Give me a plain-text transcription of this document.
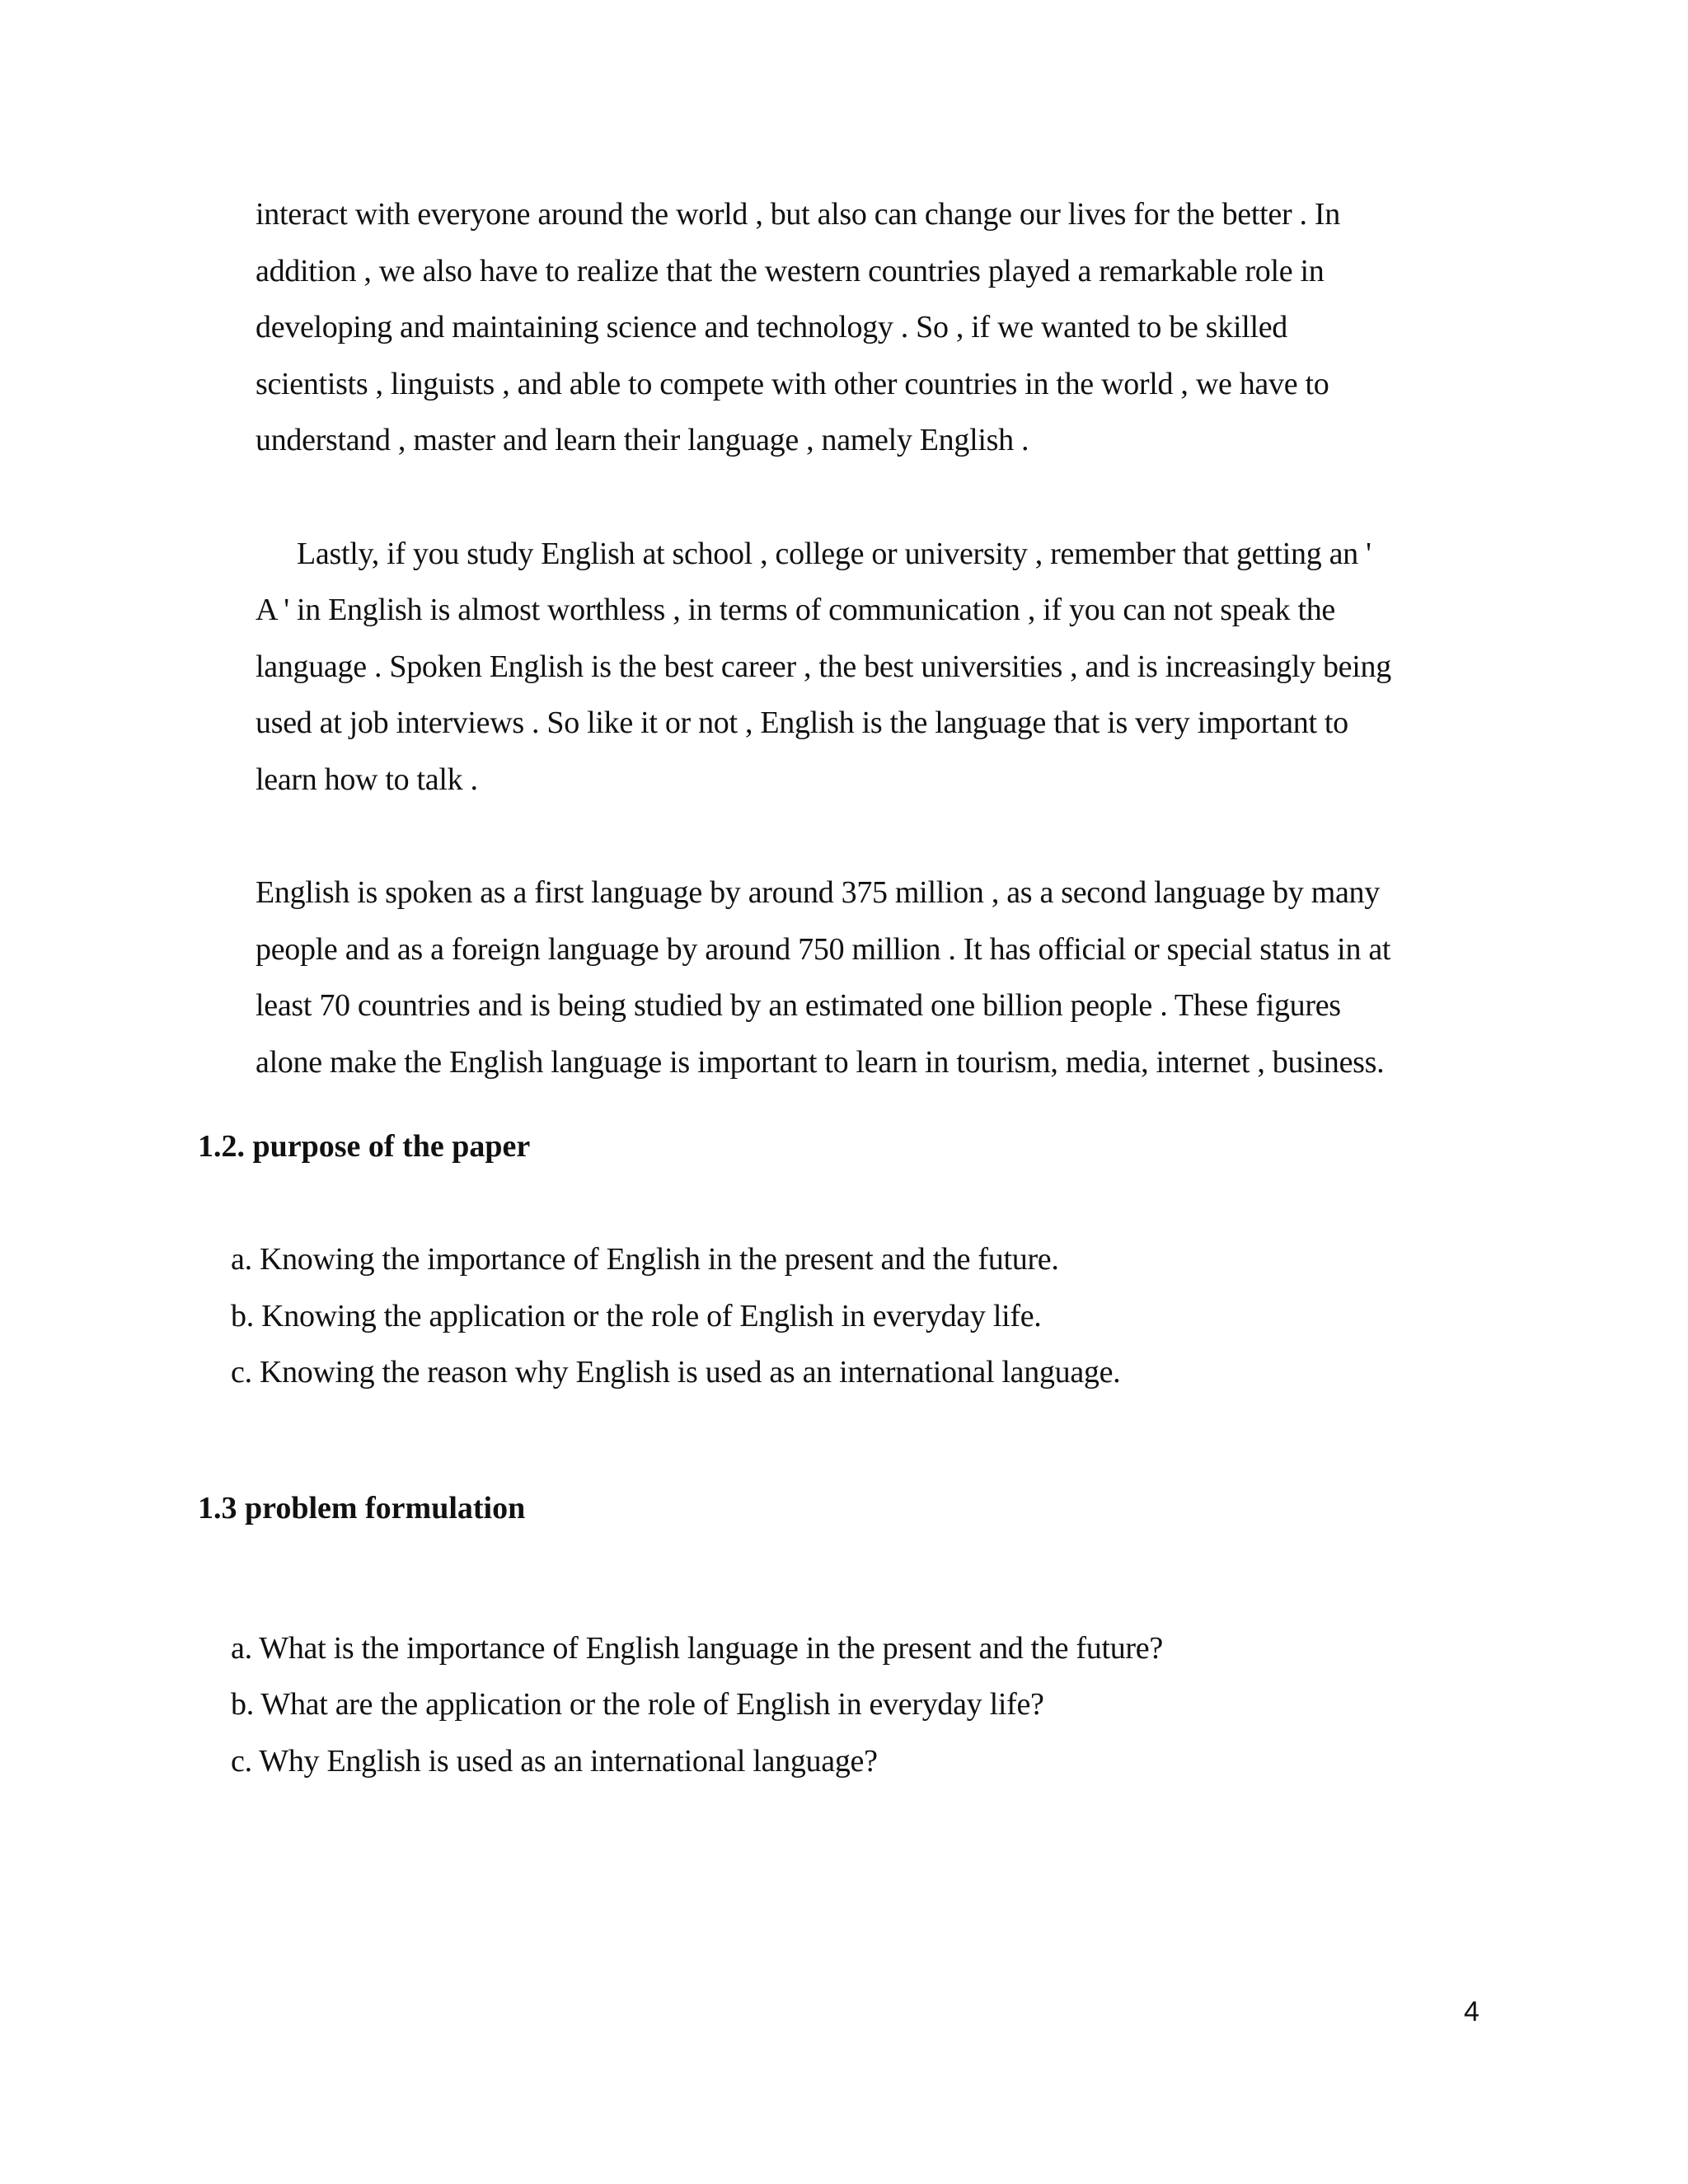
interact with everyone around the world , but also can change our lives for the better . In
addition , we also have to realize that the western countries played a remarkable role in
developing and maintaining science and technology . So , if we wanted to be skilled
scientists , linguists , and able to compete with other countries in the world , we have to
understand , master and learn their language , namely English .
Lastly, if you study English at school , college or university , remember that getting an '
A ' in English is almost worthless , in terms of communication , if you can not speak the
language . Spoken English is the best career , the best universities , and is increasingly being
used at job interviews . So like it or not , English is the language that is very important to
learn how to talk .
English is spoken as a first language by around 375 million , as a second language by many
people and as a foreign language by around 750 million . It has official or special status in at
least 70 countries and is being studied by an estimated one billion people . These figures
alone make the English language is important to learn in tourism, media, internet , business.
1.2. purpose of the paper
a. Knowing the importance of English in the present and the future.
b. Knowing the application or the role of English in everyday life.
c. Knowing the reason why English is used as an international language.
1.3 problem formulation
a. What is the importance of English language in the present and the future?
b. What are the application or the role of English in everyday life?
c. Why English is used as an international language?
4
